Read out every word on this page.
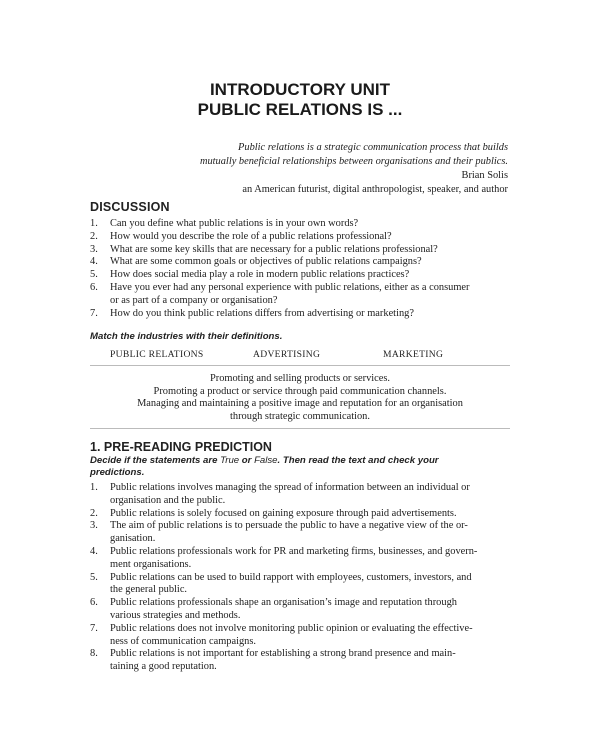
INTRODUCTORY UNIT
PUBLIC RELATIONS IS ...
Public relations is a strategic communication process that builds
mutually beneficial relationships between organisations and their publics.
Brian Solis
an American futurist, digital anthropologist, speaker, and author
DISCUSSION
1.	Can you define what public relations is in your own words?
2.	How would you describe the role of a public relations professional?
3.	What are some key skills that are necessary for a public relations professional?
4.	What are some common goals or objectives of public relations campaigns?
5.	How does social media play a role in modern public relations practices?
6.	Have you ever had any personal experience with public relations, either as a consumer
or as part of a company or organisation?
7.	How do you think public relations differs from advertising or marketing?
Match the industries with their definitions.
PUBLIC RELATIONS	ADVERTISING	MARKETING
Promoting and selling products or services.
Promoting a product or service through paid communication channels.
Managing and maintaining a positive image and reputation for an organisation
through strategic communication.
1. PRE-READING PREDICTION
Decide if the statements are True or False. Then read the text and check your
predictions.
1.	Public relations involves managing the spread of information between an individual or
organisation and the public.
2.	Public relations is solely focused on gaining exposure through paid advertisements.
3.	The aim of public relations is to persuade the public to have a negative view of the or-
ganisation.
4.	Public relations professionals work for PR and marketing firms, businesses, and govern-
ment organisations.
5.	Public relations can be used to build rapport with employees, customers, investors, and
the general public.
6.	Public relations professionals shape an organisation’s image and reputation through
various strategies and methods.
7.	Public relations does not involve monitoring public opinion or evaluating the effective-
ness of communication campaigns.
8.	Public relations is not important for establishing a strong brand presence and main-
taining a good reputation.
